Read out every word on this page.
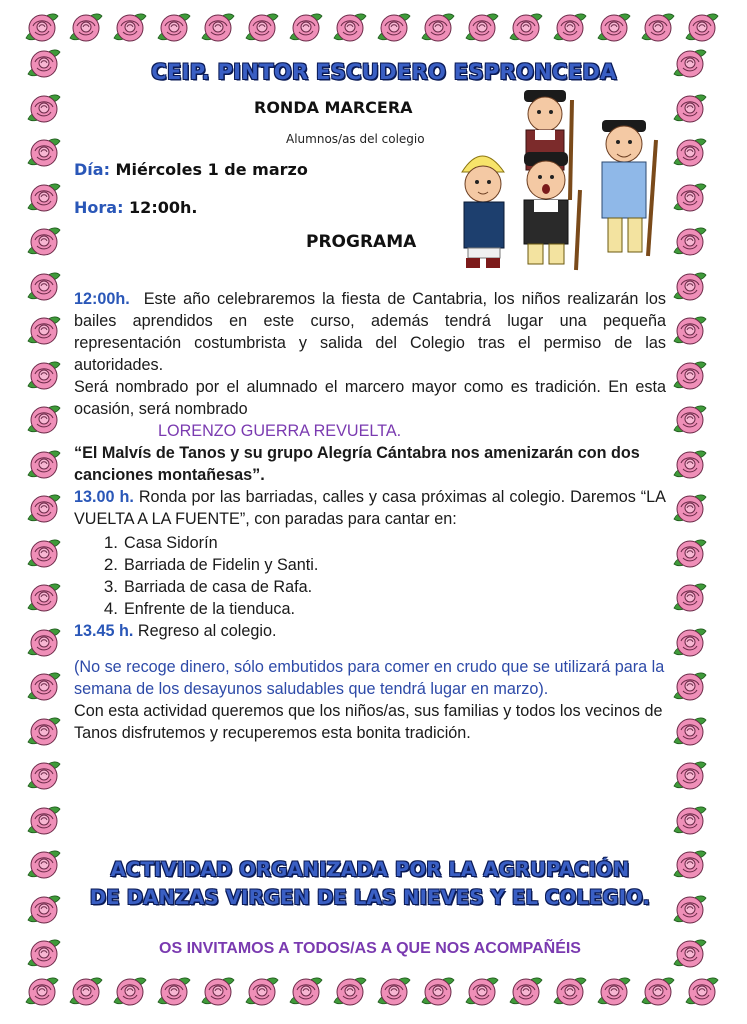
CEIP. PINTOR ESCUDERO ESPRONCEDA
RONDA MARCERA
Alumnos/as del colegio
Día: Miércoles 1 de marzo
Hora: 12:00h.
PROGRAMA

12:00h. Este año celebraremos la fiesta de Cantabria, los niños realizarán los bailes aprendidos en este curso, además tendrá lugar una pequeña representación costumbrista y salida del Colegio tras el permiso de las autoridades.

Será nombrado por el alumnado el marcero mayor como es tradición. En esta ocasión, será nombrado

LORENZO GUERRA REVUELTA.

“El Malvís de Tanos y su grupo Alegría Cántabra nos amenizarán con dos canciones montañesas”.

13.00 h. Ronda por las barriadas, calles y casa próximas al colegio. Daremos “LA VUELTA A LA FUENTE”, con paradas para cantar en:

1. Casa Sidorín
2. Barriada de Fidelin y Santi.
3. Barriada de casa de Rafa.
4. Enfrente de la tienduca.

13.45 h. Regreso al colegio.

(No se recoge dinero, sólo embutidos para comer en crudo que se utilizará para la semana de los desayunos saludables que tendrá lugar en marzo).

Con esta actividad queremos que los niños/as, sus familias y todos los vecinos de Tanos disfrutemos y recuperemos esta bonita tradición.

ACTIVIDAD ORGANIZADA POR LA AGRUPACIÓN
DE DANZAS VIRGEN DE LAS NIEVES Y EL COLEGIO.
OS INVITAMOS A TODOS/AS A QUE NOS ACOMPAÑÉIS
